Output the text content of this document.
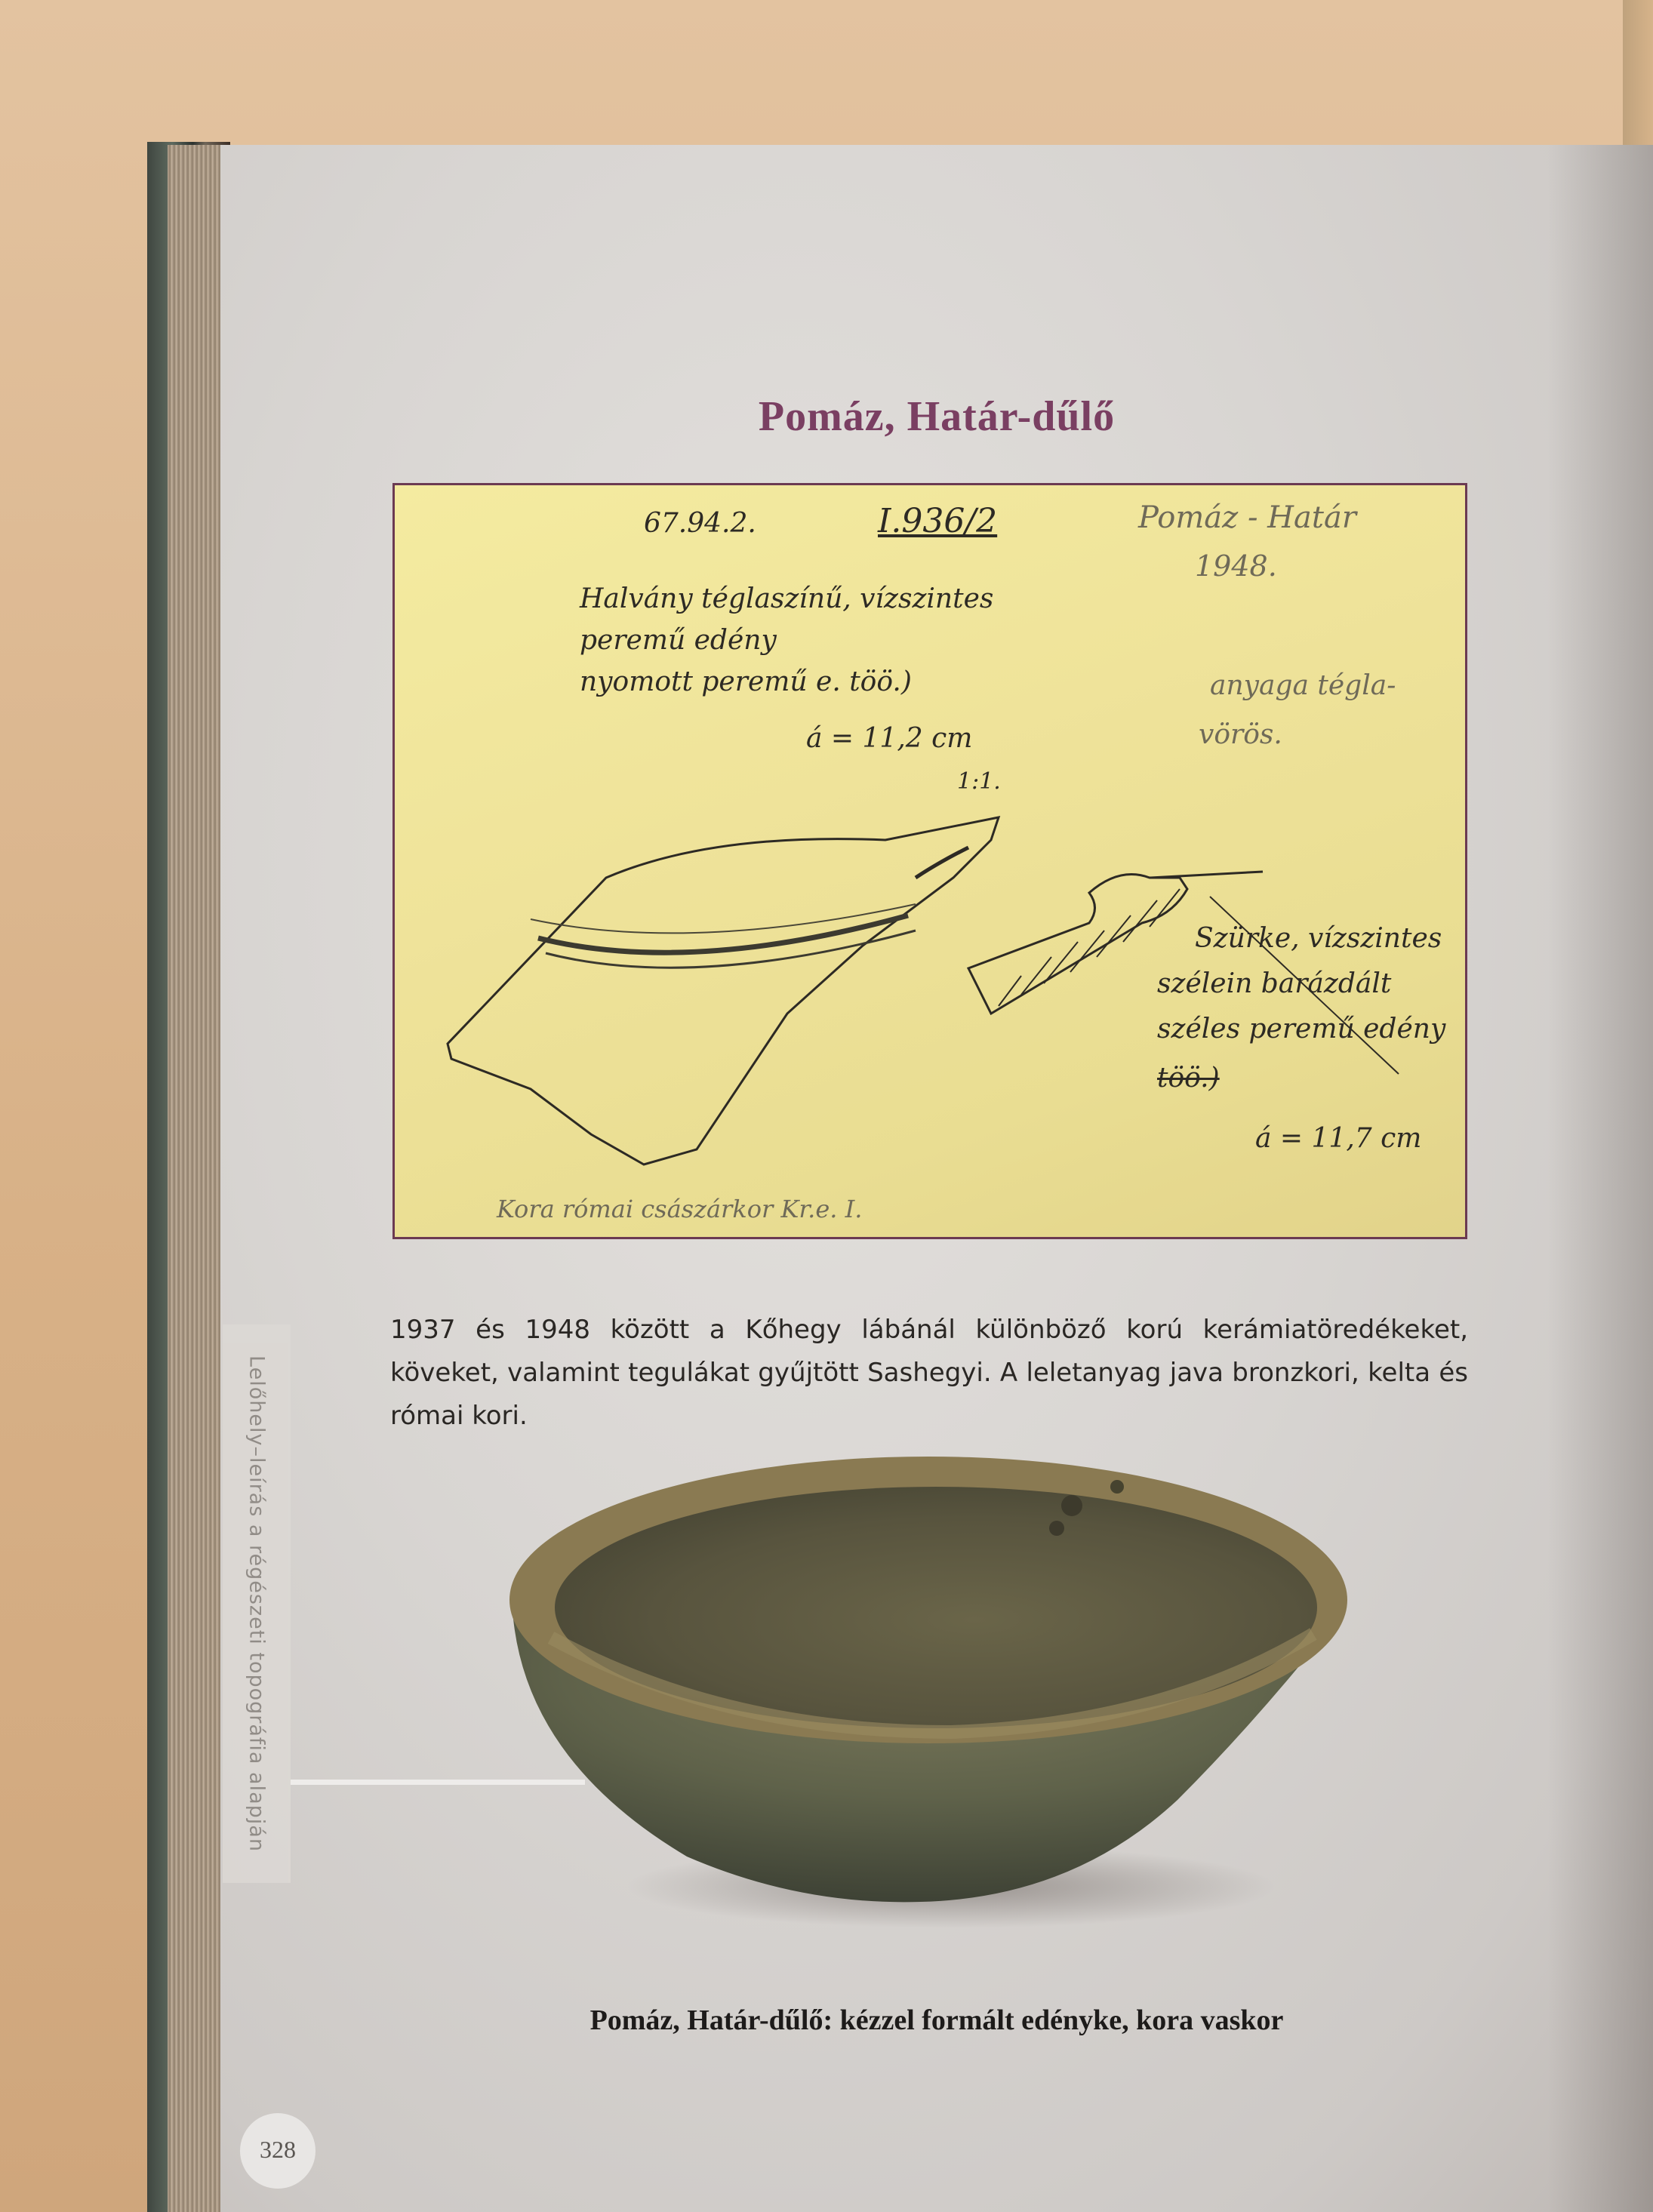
Pomáz, Határ-dűlő
67.94.2.	I.936/2	Pomáz - Határ
1948.
Halvány téglaszínű, vízszintes
peremű edény
nyomott peremű e. töö.)
á = 11,2 cm
1:1.
anyaga tégla-
vörös.
Szürke, vízszintes
szélein barázdált
széles peremű edény
töö.)
á = 11,7 cm
Kora római császárkor Kr.e. I.
1937 és 1948 között a Kőhegy lábánál különböző korú kerámiatöredékeket, köveket, valamint tegulákat gyűjtött Sashegyi. A leletanyag java bronzkori, kelta és római kori.
Lelőhely–leírás a régészeti topográfia alapján
Pomáz, Határ-dűlő: kézzel formált edényke, kora vaskor
328
